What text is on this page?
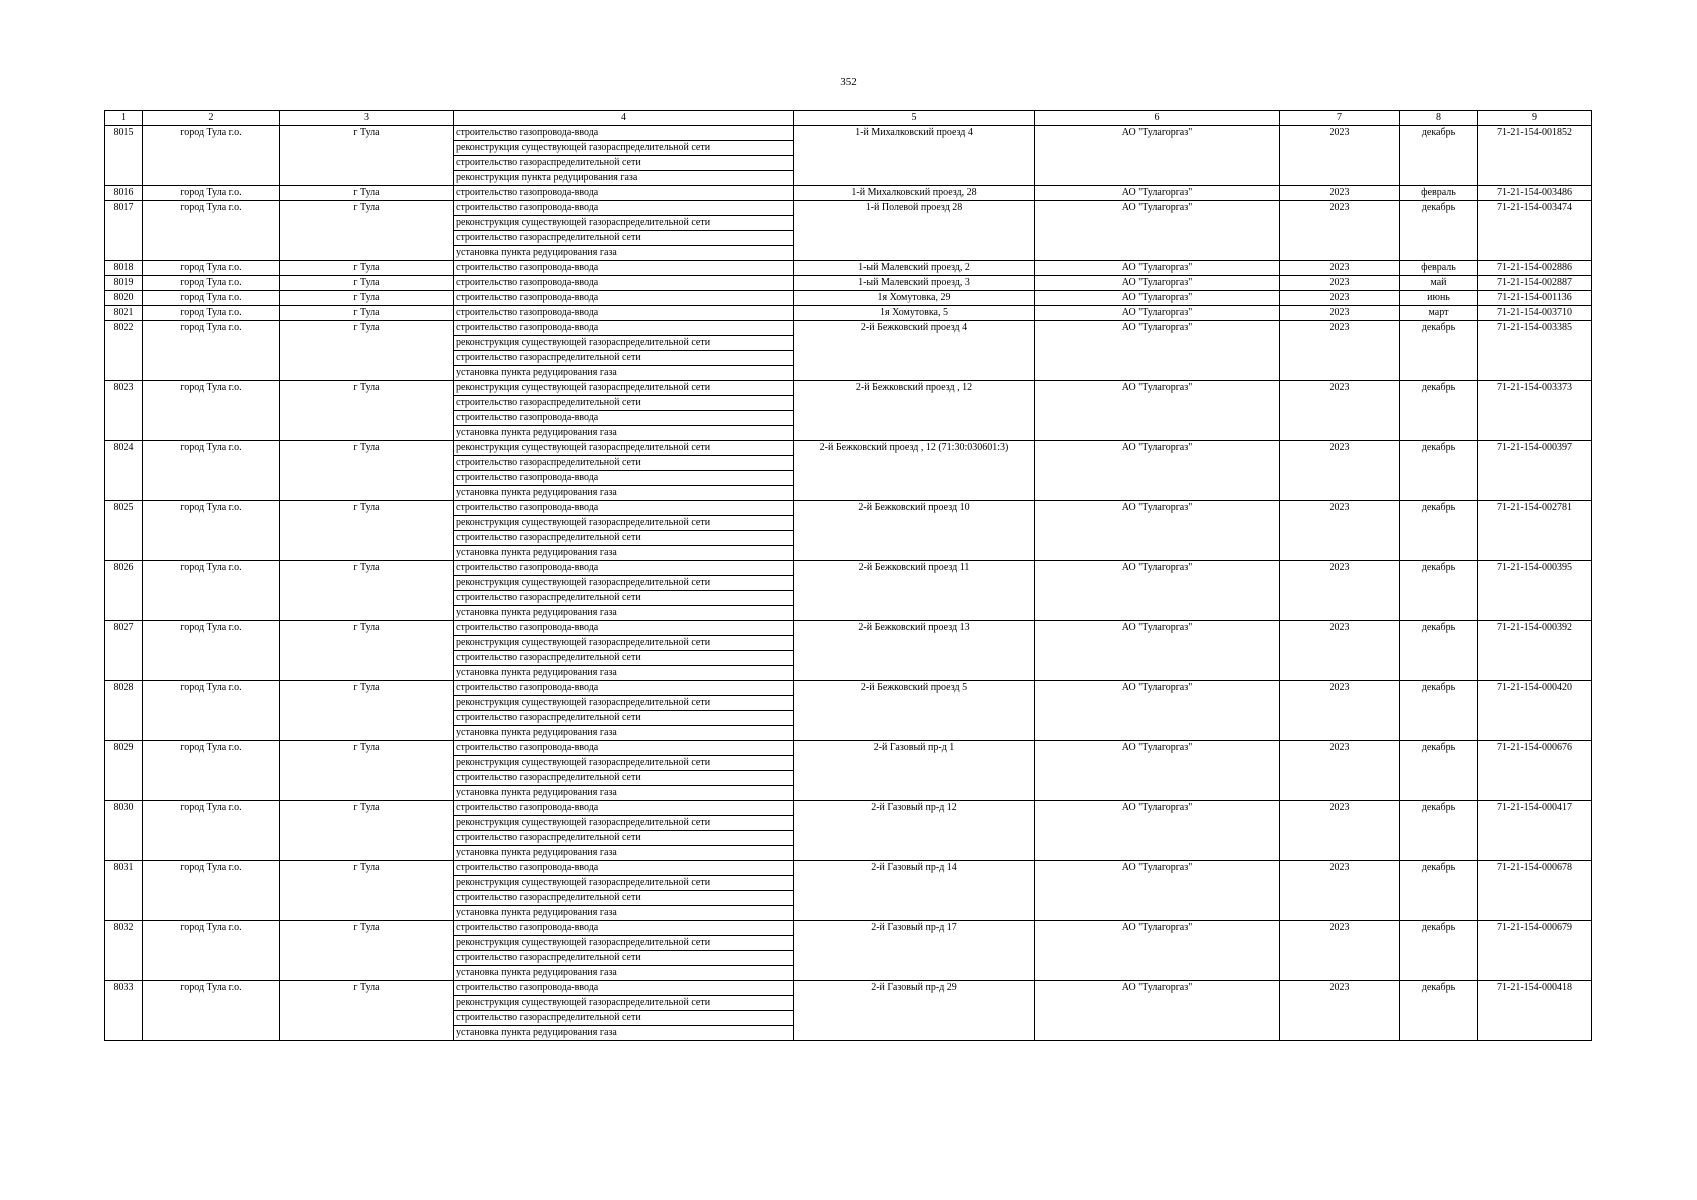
352
1	2	3	4	5	6	7	8	9
8015	город Тула г.о.	г Тула	строительство газопровода-ввода	1-й Михалковский проезд 4	АО "Тулагоргаз"	2023	декабрь	71-21-154-001852
			реконструкция существующей газораспределительной сети					
			строительство газораспределительной сети					
			реконструкция пункта редуцирования газа					
8016	город Тула г.о.	г Тула	строительство газопровода-ввода	1-й Михалковский проезд, 28	АО "Тулагоргаз"	2023	февраль	71-21-154-003486
8017	город Тула г.о.	г Тула	строительство газопровода-ввода	1-й Полевой проезд 28	АО "Тулагоргаз"	2023	декабрь	71-21-154-003474
			реконструкция существующей газораспределительной сети					
			строительство газораспределительной сети					
			установка пункта редуцирования газа					
8018	город Тула г.о.	г Тула	строительство газопровода-ввода	1-ый Малевский проезд, 2	АО "Тулагоргаз"	2023	февраль	71-21-154-002886
8019	город Тула г.о.	г Тула	строительство газопровода-ввода	1-ый Малевский проезд, 3	АО "Тулагоргаз"	2023	май	71-21-154-002887
8020	город Тула г.о.	г Тула	строительство газопровода-ввода	1я Хомутовка, 29	АО "Тулагоргаз"	2023	июнь	71-21-154-001136
8021	город Тула г.о.	г Тула	строительство газопровода-ввода	1я Хомутовка, 5	АО "Тулагоргаз"	2023	март	71-21-154-003710
8022	город Тула г.о.	г Тула	строительство газопровода-ввода	2-й Бежковский проезд 4	АО "Тулагоргаз"	2023	декабрь	71-21-154-003385
			реконструкция существующей газораспределительной сети					
			строительство газораспределительной сети					
			установка пункта редуцирования газа					
8023	город Тула г.о.	г Тула	реконструкция существующей газораспределительной сети	2-й Бежковский проезд , 12	АО "Тулагоргаз"	2023	декабрь	71-21-154-003373
			строительство газораспределительной сети					
			строительство газопровода-ввода					
			установка пункта редуцирования газа					
8024	город Тула г.о.	г Тула	реконструкция существующей газораспределительной сети	2-й Бежковский проезд , 12 (71:30:030601:3)	АО "Тулагоргаз"	2023	декабрь	71-21-154-000397
			строительство газораспределительной сети					
			строительство газопровода-ввода					
			установка пункта редуцирования газа					
8025	город Тула г.о.	г Тула	строительство газопровода-ввода	2-й Бежковский проезд 10	АО "Тулагоргаз"	2023	декабрь	71-21-154-002781
			реконструкция существующей газораспределительной сети					
			строительство газораспределительной сети					
			установка пункта редуцирования газа					
8026	город Тула г.о.	г Тула	строительство газопровода-ввода	2-й Бежковский проезд 11	АО "Тулагоргаз"	2023	декабрь	71-21-154-000395
			реконструкция существующей газораспределительной сети					
			строительство газораспределительной сети					
			установка пункта редуцирования газа					
8027	город Тула г.о.	г Тула	строительство газопровода-ввода	2-й Бежковский проезд 13	АО "Тулагоргаз"	2023	декабрь	71-21-154-000392
			реконструкция существующей газораспределительной сети					
			строительство газораспределительной сети					
			установка пункта редуцирования газа					
8028	город Тула г.о.	г Тула	строительство газопровода-ввода	2-й Бежковский проезд 5	АО "Тулагоргаз"	2023	декабрь	71-21-154-000420
			реконструкция существующей газораспределительной сети					
			строительство газораспределительной сети					
			установка пункта редуцирования газа					
8029	город Тула г.о.	г Тула	строительство газопровода-ввода	2-й Газовый пр-д 1	АО "Тулагоргаз"	2023	декабрь	71-21-154-000676
			реконструкция существующей газораспределительной сети					
			строительство газораспределительной сети					
			установка пункта редуцирования газа					
8030	город Тула г.о.	г Тула	строительство газопровода-ввода	2-й Газовый пр-д 12	АО "Тулагоргаз"	2023	декабрь	71-21-154-000417
			реконструкция существующей газораспределительной сети					
			строительство газораспределительной сети					
			установка пункта редуцирования газа					
8031	город Тула г.о.	г Тула	строительство газопровода-ввода	2-й Газовый пр-д 14	АО "Тулагоргаз"	2023	декабрь	71-21-154-000678
			реконструкция существующей газораспределительной сети					
			строительство газораспределительной сети					
			установка пункта редуцирования газа					
8032	город Тула г.о.	г Тула	строительство газопровода-ввода	2-й Газовый пр-д 17	АО "Тулагоргаз"	2023	декабрь	71-21-154-000679
			реконструкция существующей газораспределительной сети					
			строительство газораспределительной сети					
			установка пункта редуцирования газа					
8033	город Тула г.о.	г Тула	строительство газопровода-ввода	2-й Газовый пр-д 29	АО "Тулагоргаз"	2023	декабрь	71-21-154-000418
			реконструкция существующей газораспределительной сети					
			строительство газораспределительной сети					
			установка пункта редуцирования газа					
